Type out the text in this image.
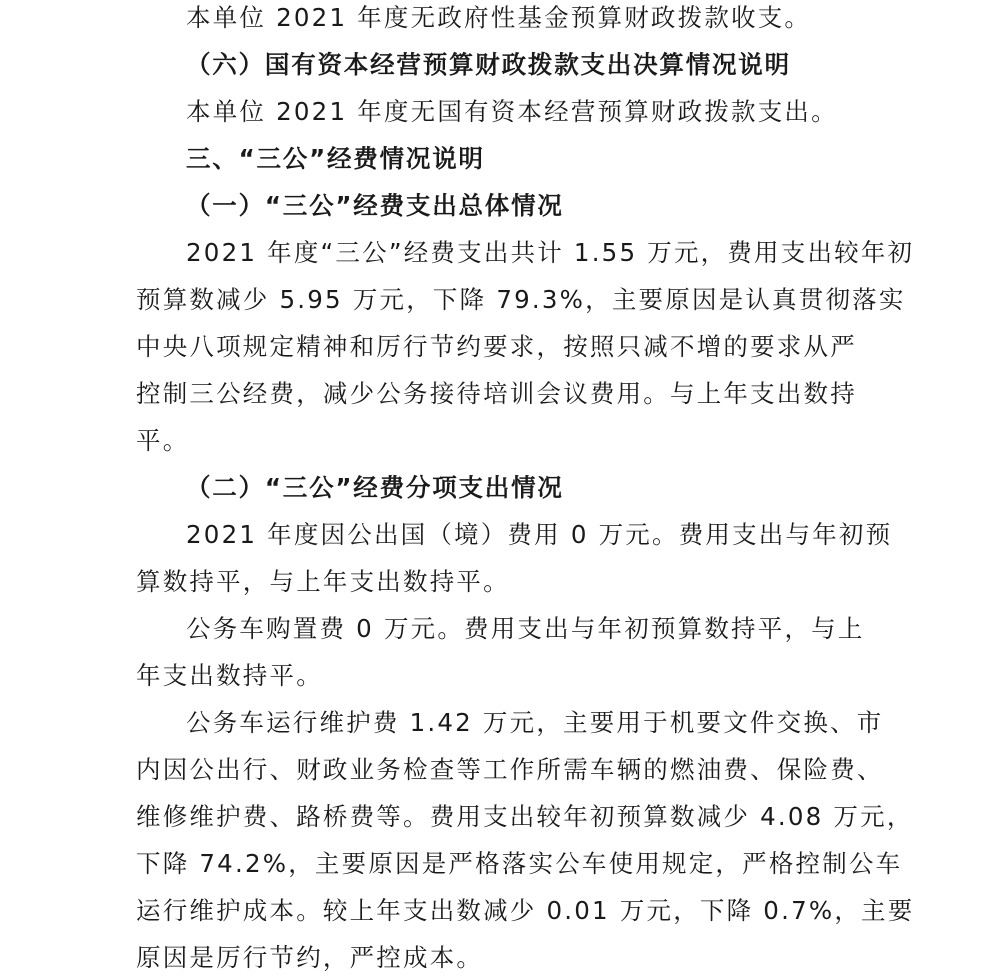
本单位 2021 年度无政府性基金预算财政拨款收支。
（六）国有资本经营预算财政拨款支出决算情况说明
本单位 2021 年度无国有资本经营预算财政拨款支出。
三、“三公”经费情况说明
（一）“三公”经费支出总体情况
2021 年度“三公”经费支出共计 1.55 万元，费用支出较年初
预算数减少 5.95 万元，下降 79.3%，主要原因是认真贯彻落实
中央八项规定精神和厉行节约要求，按照只减不增的要求从严
控制三公经费，减少公务接待培训会议费用。与上年支出数持
平。
（二）“三公”经费分项支出情况
2021 年度因公出国（境）费用 0 万元。费用支出与年初预
算数持平，与上年支出数持平。
公务车购置费 0 万元。费用支出与年初预算数持平，与上
年支出数持平。
公务车运行维护费 1.42 万元，主要用于机要文件交换、市
内因公出行、财政业务检查等工作所需车辆的燃油费、保险费、
维修维护费、路桥费等。费用支出较年初预算数减少 4.08 万元，
下降 74.2%，主要原因是严格落实公车使用规定，严格控制公车
运行维护成本。较上年支出数减少 0.01 万元，下降 0.7%，主要
原因是厉行节约，严控成本。
